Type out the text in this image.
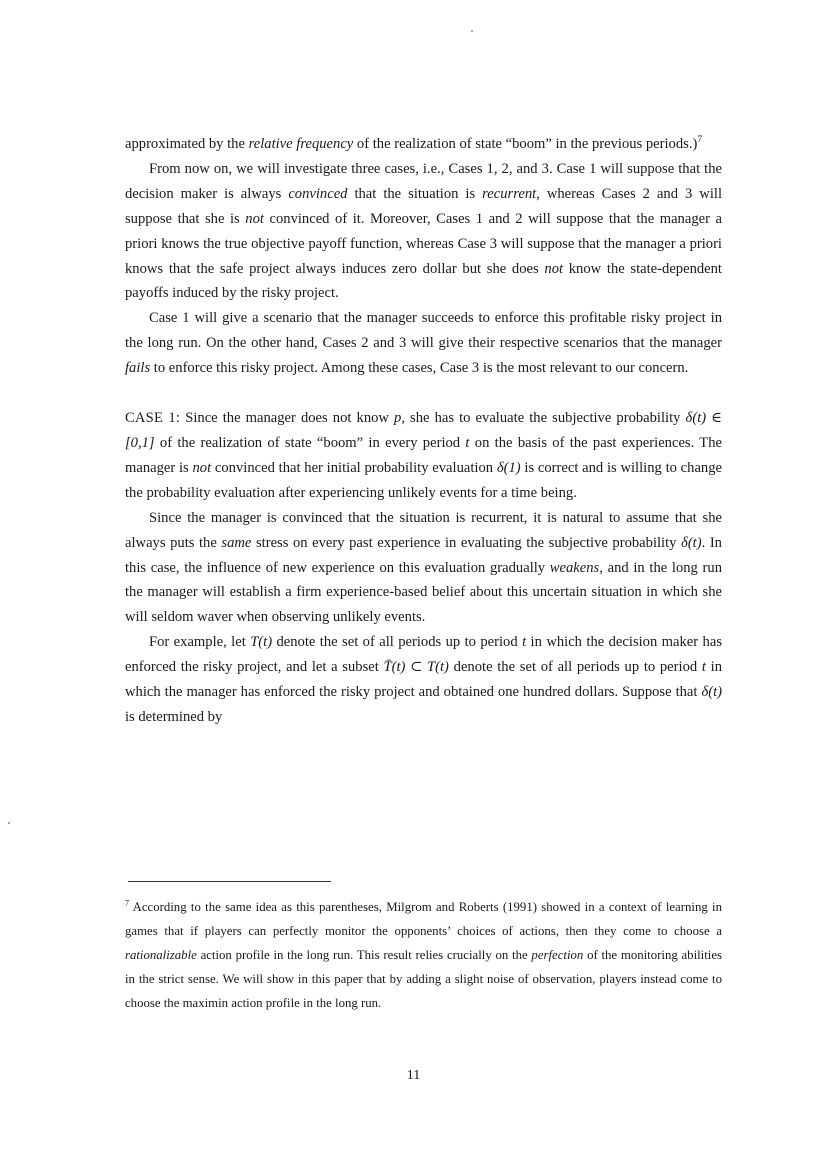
approximated by the relative frequency of the realization of state “boom” in the previous periods.)$^7$

From now on, we will investigate three cases, i.e., Cases 1, 2, and 3. Case 1 will suppose that the decision maker is always convinced that the situation is recurrent, whereas Cases 2 and 3 will suppose that she is not convinced of it. Moreover, Cases 1 and 2 will suppose that the manager a priori knows the true objective payoff function, whereas Case 3 will suppose that the manager a priori knows that the safe project always induces zero dollar but she does not know the state-dependent payoffs induced by the risky project.

Case 1 will give a scenario that the manager succeeds to enforce this profitable risky project in the long run. On the other hand, Cases 2 and 3 will give their respective scenarios that the manager fails to enforce this risky project. Among these cases, Case 3 is the most relevant to our concern.

CASE 1: Since the manager does not know p, she has to evaluate the subjective probability δ(t) ∈ [0,1] of the realization of state “boom” in every period t on the basis of the past experiences. The manager is not convinced that her initial probability evaluation δ(1) is correct and is willing to change the probability evaluation after experiencing unlikely events for a time being.

Since the manager is convinced that the situation is recurrent, it is natural to assume that she always puts the same stress on every past experience in evaluating the subjective probability δ(t). In this case, the influence of new experience on this evaluation gradually weakens, and in the long run the manager will establish a firm experience-based belief about this uncertain situation in which she will seldom waver when observing unlikely events.

For example, let T(t) denote the set of all periods up to period t in which the decision maker has enforced the risky project, and let a subset T̄(t) ⊂ T(t) denote the set of all periods up to period t in which the manager has enforced the risky project and obtained one hundred dollars. Suppose that δ(t) is determined by

$^7$ According to the same idea as this parentheses, Milgrom and Roberts (1991) showed in a context of learning in games that if players can perfectly monitor the opponents’ choices of actions, then they come to choose a rationalizable action profile in the long run. This result relies crucially on the perfection of the monitoring abilities in the strict sense. We will show in this paper that by adding a slight noise of observation, players instead come to choose the maximin action profile in the long run.

11
